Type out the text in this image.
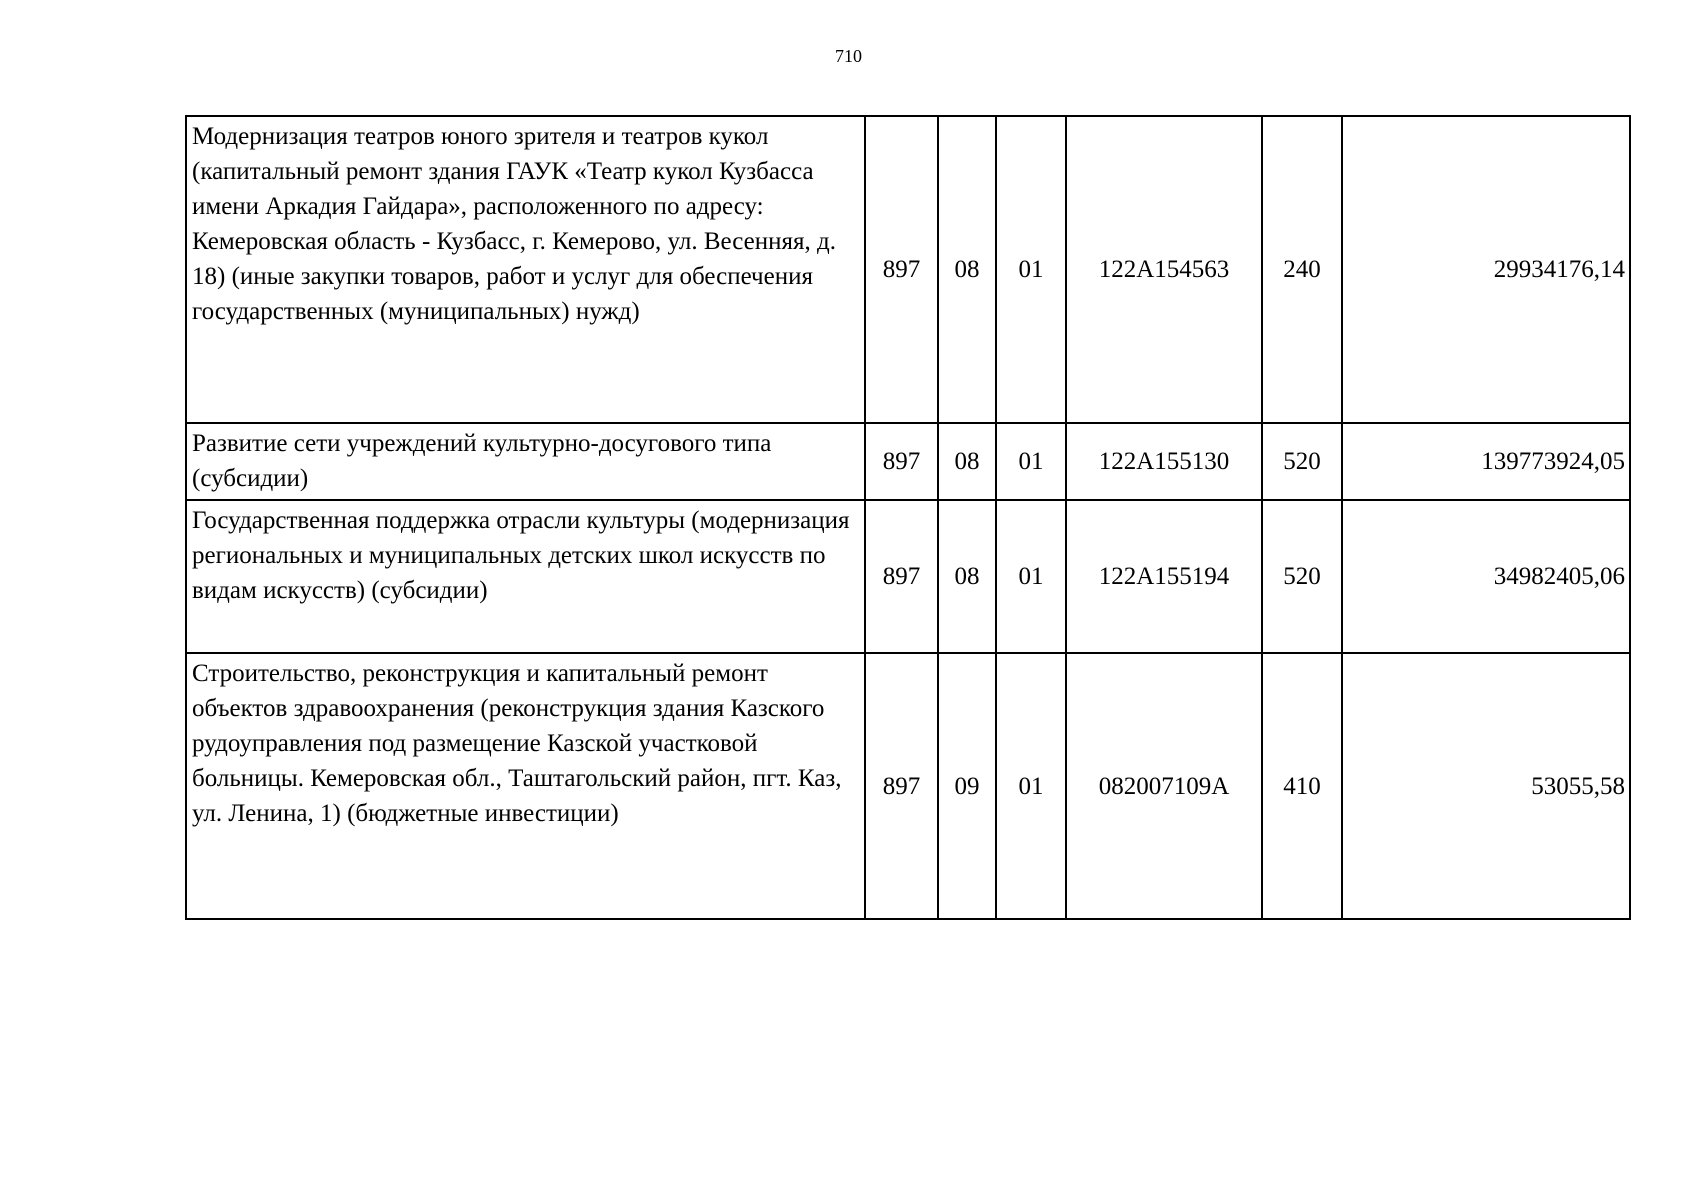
710
Модернизация театров юного зрителя и театров кукол (капитальный ремонт здания ГАУК «Театр кукол Кузбасса имени Аркадия Гайдара», расположенного по адресу: Кемеровская область - Кузбасс, г. Кемерово, ул. Весенняя, д. 18) (иные закупки товаров, работ и услуг для обеспечения государственных (муниципальных) нужд)	897	08	01	122A154563	240	29934176,14
Развитие сети учреждений культурно-досугового типа (субсидии)	897	08	01	122A155130	520	139773924,05
Государственная поддержка отрасли культуры (модернизация региональных и муниципальных детских школ искусств по видам искусств) (субсидии)	897	08	01	122A155194	520	34982405,06
Строительство, реконструкция и капитальный ремонт объектов здравоохранения (реконструкция здания Казского рудоуправления под размещение Казской участковой больницы. Кемеровская обл., Таштагольский район, пгт. Каз, ул. Ленина, 1) (бюджетные инвестиции)	897	09	01	082007109А	410	53055,58
